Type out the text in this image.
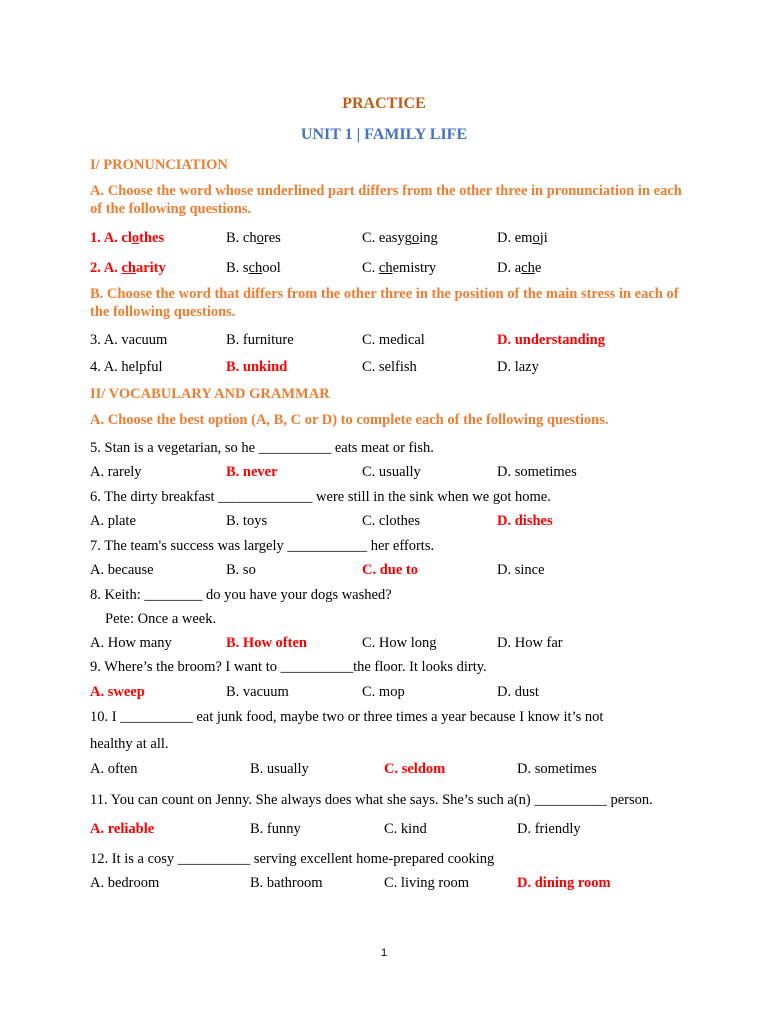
PRACTICE
UNIT 1 | FAMILY LIFE
I/ PRONUNCIATION
A. Choose the word whose underlined part differs from the other three in pronunciation in each of the following questions.
1. A. clothes	B. chores	C. easygoing	D. emoji
2. A. charity	B. school	C. chemistry	D. ache
B. Choose the word that differs from the other three in the position of the main stress in each of the following questions.
3. A. vacuum	B. furniture	C. medical	D. understanding
4. A. helpful	B. unkind	C. selfish	D. lazy
II/ VOCABULARY AND GRAMMAR
A. Choose the best option (A, B, C or D) to complete each of the following questions.
5. Stan is a vegetarian, so he __________ eats meat or fish.
A. rarely	B. never	C. usually	D. sometimes
6. The dirty breakfast _____________ were still in the sink when we got home.
A. plate	B. toys	C. clothes	D. dishes
7. The team's success was largely ___________ her efforts.
A. because	B. so	C. due to	D. since
8. Keith: ________ do you have your dogs washed?
Pete: Once a week.
A. How many	B. How often	C. How long	D. How far
9. Where’s the broom? I want to __________the floor. It looks dirty.
A. sweep	B. vacuum	C. mop	D. dust
10. I __________ eat junk food, maybe two or three times a year because I know it’s not
healthy at all.
A. often	B. usually	C. seldom	D. sometimes
11. You can count on Jenny. She always does what she says. She’s such a(n) __________ person.
A. reliable	B. funny	C. kind	D. friendly
12. It is a cosy __________ serving excellent home-prepared cooking
A. bedroom	B. bathroom	C. living room	D. dining room
1
